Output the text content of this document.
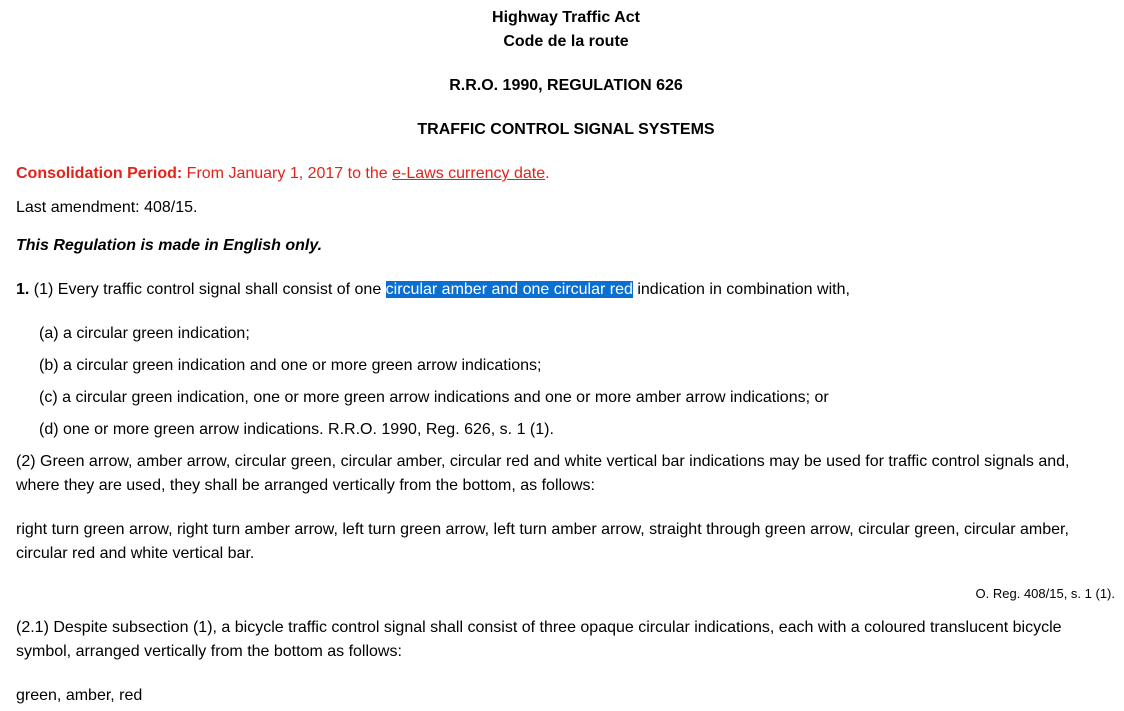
Highway Traffic Act
Code de la route
R.R.O. 1990, REGULATION 626
TRAFFIC CONTROL SIGNAL SYSTEMS
Consolidation Period: From January 1, 2017 to the e-Laws currency date.
Last amendment: 408/15.
This Regulation is made in English only.
1. (1) Every traffic control signal shall consist of one circular amber and one circular red indication in combination with,
(a) a circular green indication;
(b) a circular green indication and one or more green arrow indications;
(c) a circular green indication, one or more green arrow indications and one or more amber arrow indications; or
(d) one or more green arrow indications. R.R.O. 1990, Reg. 626, s. 1 (1).
(2) Green arrow, amber arrow, circular green, circular amber, circular red and white vertical bar indications may be used for traffic control signals and,
where they are used, they shall be arranged vertically from the bottom, as follows:
right turn green arrow, right turn amber arrow, left turn green arrow, left turn amber arrow, straight through green arrow, circular green, circular amber,
circular red and white vertical bar.
O. Reg. 408/15, s. 1 (1).
(2.1) Despite subsection (1), a bicycle traffic control signal shall consist of three opaque circular indications, each with a coloured translucent bicycle
symbol, arranged vertically from the bottom as follows:
green, amber, red
